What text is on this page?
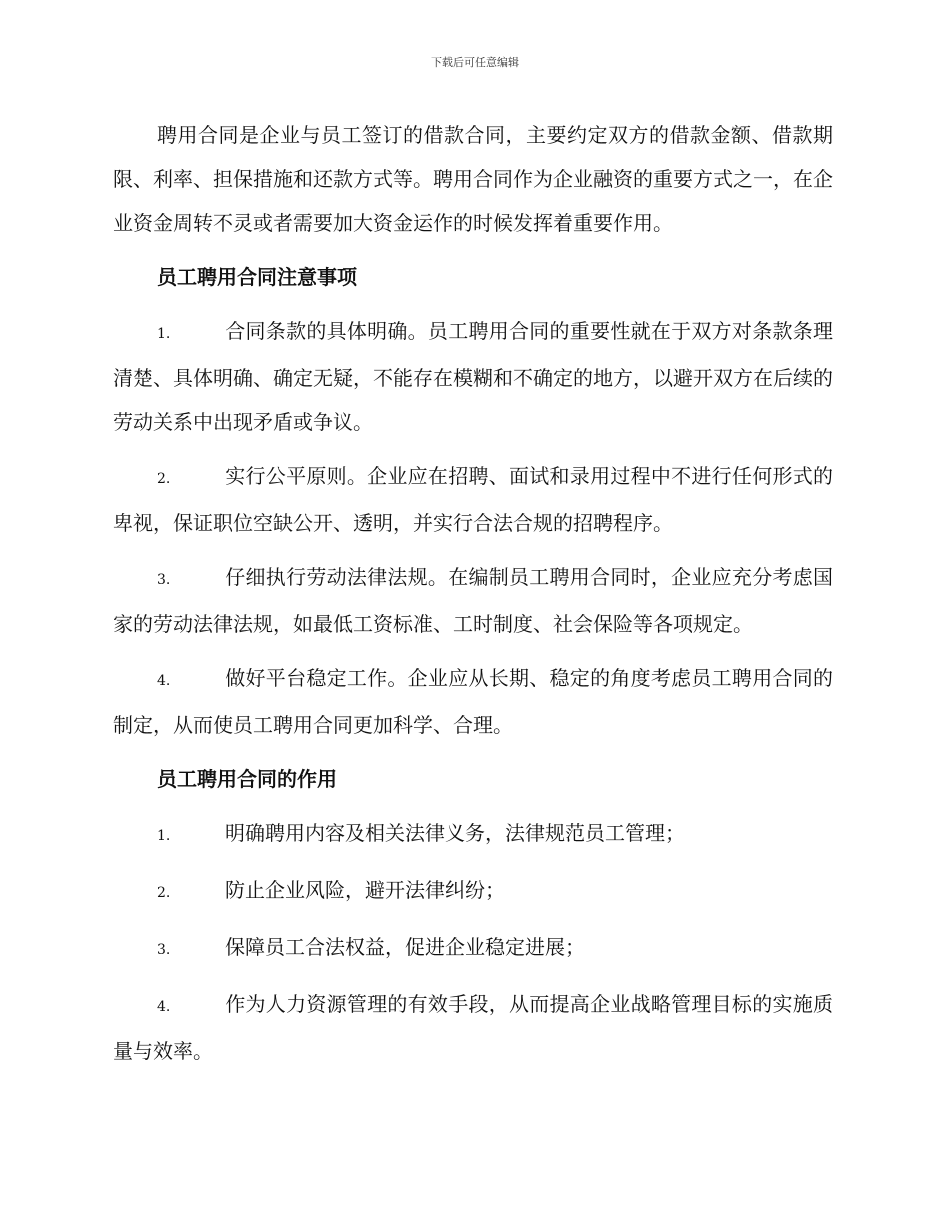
下载后可任意编辑

聘用合同是企业与员工签订的借款合同，主要约定双方的借款金额、借款期限、利率、担保措施和还款方式等。聘用合同作为企业融资的重要方式之一，在企业资金周转不灵或者需要加大资金运作的时候发挥着重要作用。

员工聘用合同注意事项

1.	合同条款的具体明确。员工聘用合同的重要性就在于双方对条款条理清楚、具体明确、确定无疑，不能存在模糊和不确定的地方，以避开双方在后续的劳动关系中出现矛盾或争议。

2.	实行公平原则。企业应在招聘、面试和录用过程中不进行任何形式的卑视，保证职位空缺公开、透明，并实行合法合规的招聘程序。

3.	仔细执行劳动法律法规。在编制员工聘用合同时，企业应充分考虑国家的劳动法律法规，如最低工资标准、工时制度、社会保险等各项规定。

4.	做好平台稳定工作。企业应从长期、稳定的角度考虑员工聘用合同的制定，从而使员工聘用合同更加科学、合理。

员工聘用合同的作用

1.	明确聘用内容及相关法律义务，法律规范员工管理；

2.	防止企业风险，避开法律纠纷；

3.	保障员工合法权益，促进企业稳定进展；

4.	作为人力资源管理的有效手段，从而提高企业战略管理目标的实施质量与效率。
